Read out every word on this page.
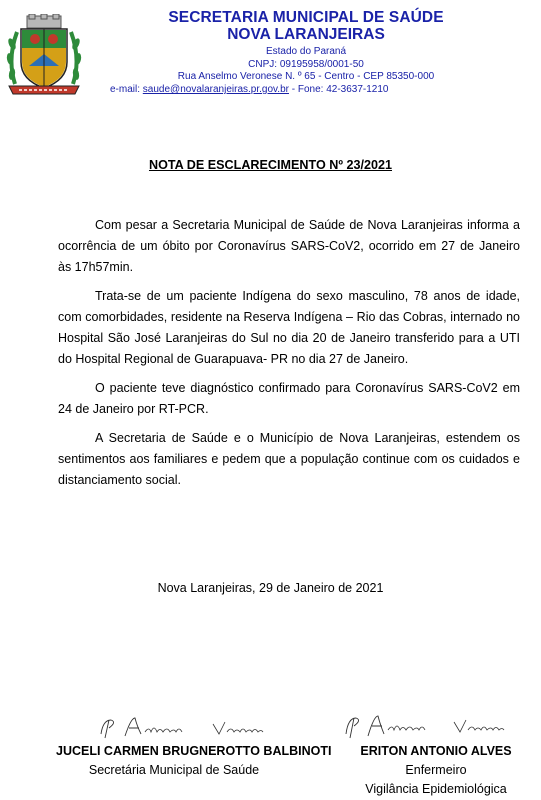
SECRETARIA MUNICIPAL DE SAÚDE

NOVA LARANJEIRAS

Estado do Paraná

CNPJ: 09195958/0001-50

Rua Anselmo Veronese N. º 65 - Centro - CEP 85350-000

e-mail: saude@novalaranjeiras.pr.gov.br - Fone: 42-3637-1210

NOTA DE ESCLARECIMENTO Nº 23/2021

Com pesar a Secretaria Municipal de Saúde de Nova Laranjeiras informa a ocorrência de um óbito por Coronavírus SARS-CoV2, ocorrido em 27 de Janeiro às 17h57min.

Trata-se de um paciente Indígena do sexo masculino, 78 anos de idade, com comorbidades, residente na Reserva Indígena – Rio das Cobras, internado no Hospital São José Laranjeiras do Sul no dia 20 de Janeiro transferido para a UTI do Hospital Regional de Guarapuava- PR no dia 27 de Janeiro.

O paciente teve diagnóstico confirmado para Coronavírus SARS-CoV2 em 24 de Janeiro por RT-PCR.

A Secretaria de Saúde e o Município de Nova Laranjeiras, estendem os sentimentos aos familiares e pedem que a população continue com os cuidados e distanciamento social.

Nova Laranjeiras, 29 de Janeiro de 2021

JUCELI CARMEN BRUGNEROTTO BALBINOTI
Secretária Municipal de Saúde
ERITON ANTONIO ALVES
Enfermeiro
Vigilância Epidemiológica
